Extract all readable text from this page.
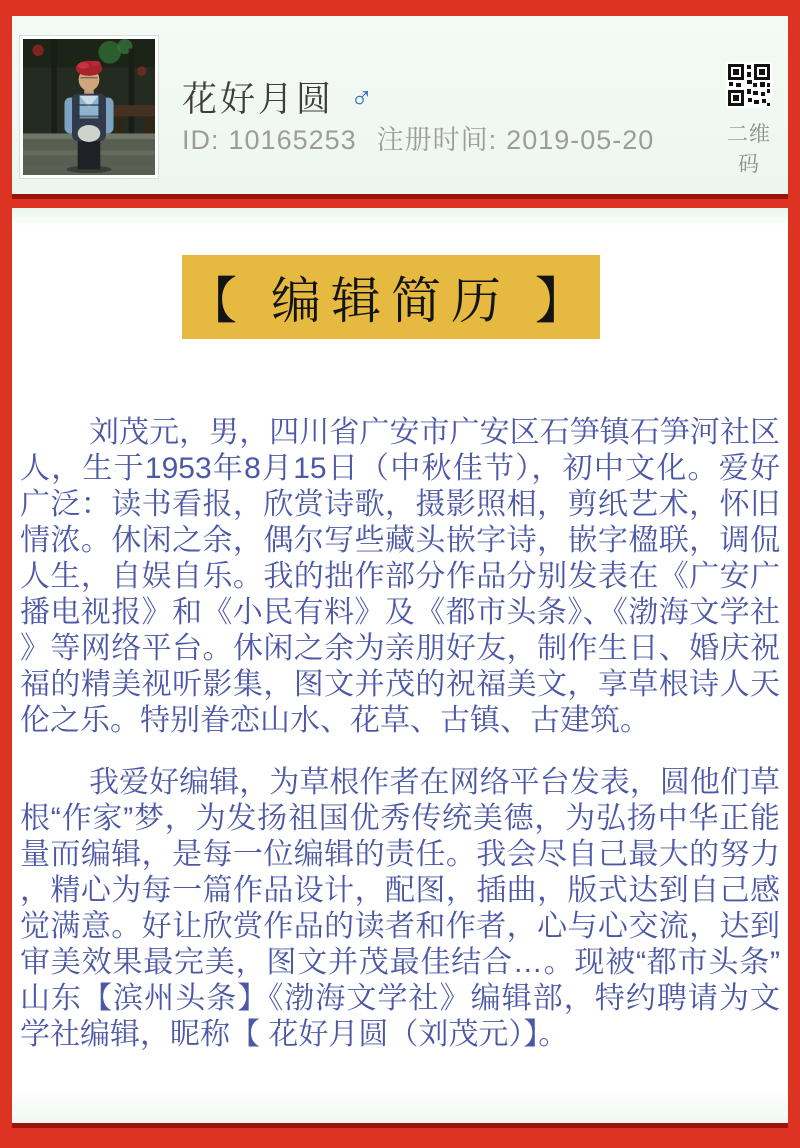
花好月圆 ♂
ID: 10165253 注册时间: 2019-05-20	二维码
【 编辑简历 】

刘茂元，男，四川省广安市广安区石笋镇石笋河社区人，生于1953年8月15日（中秋佳节），初中文化。爱好广泛：读书看报，欣赏诗歌，摄影照相，剪纸艺术，怀旧情浓。休闲之余，偶尔写些藏头嵌字诗，嵌字楹联，调侃人生，自娱自乐。我的拙作部分作品分别发表在《广安广播电视报》和《小民有料》及《都市头条》、《渤海文学社》等网络平台。休闲之余为亲朋好友，制作生日、婚庆祝福的精美视听影集，图文并茂的祝福美文，享草根诗人天伦之乐。特别眷恋山水、花草、古镇、古建筑。

我爱好编辑，为草根作者在网络平台发表，圆他们草根“作家”梦，为发扬祖国优秀传统美德，为弘扬中华正能量而编辑，是每一位编辑的责任。我会尽自己最大的努力，精心为每一篇作品设计，配图，插曲，版式达到自己感觉满意。好让欣赏作品的读者和作者，心与心交流，达到审美效果最完美，图文并茂最佳结合…。现被“都市头条”山东【滨州头条】《渤海文学社》编辑部，特约聘请为文学社编辑，昵称【 花好月圆（刘茂元）】。
